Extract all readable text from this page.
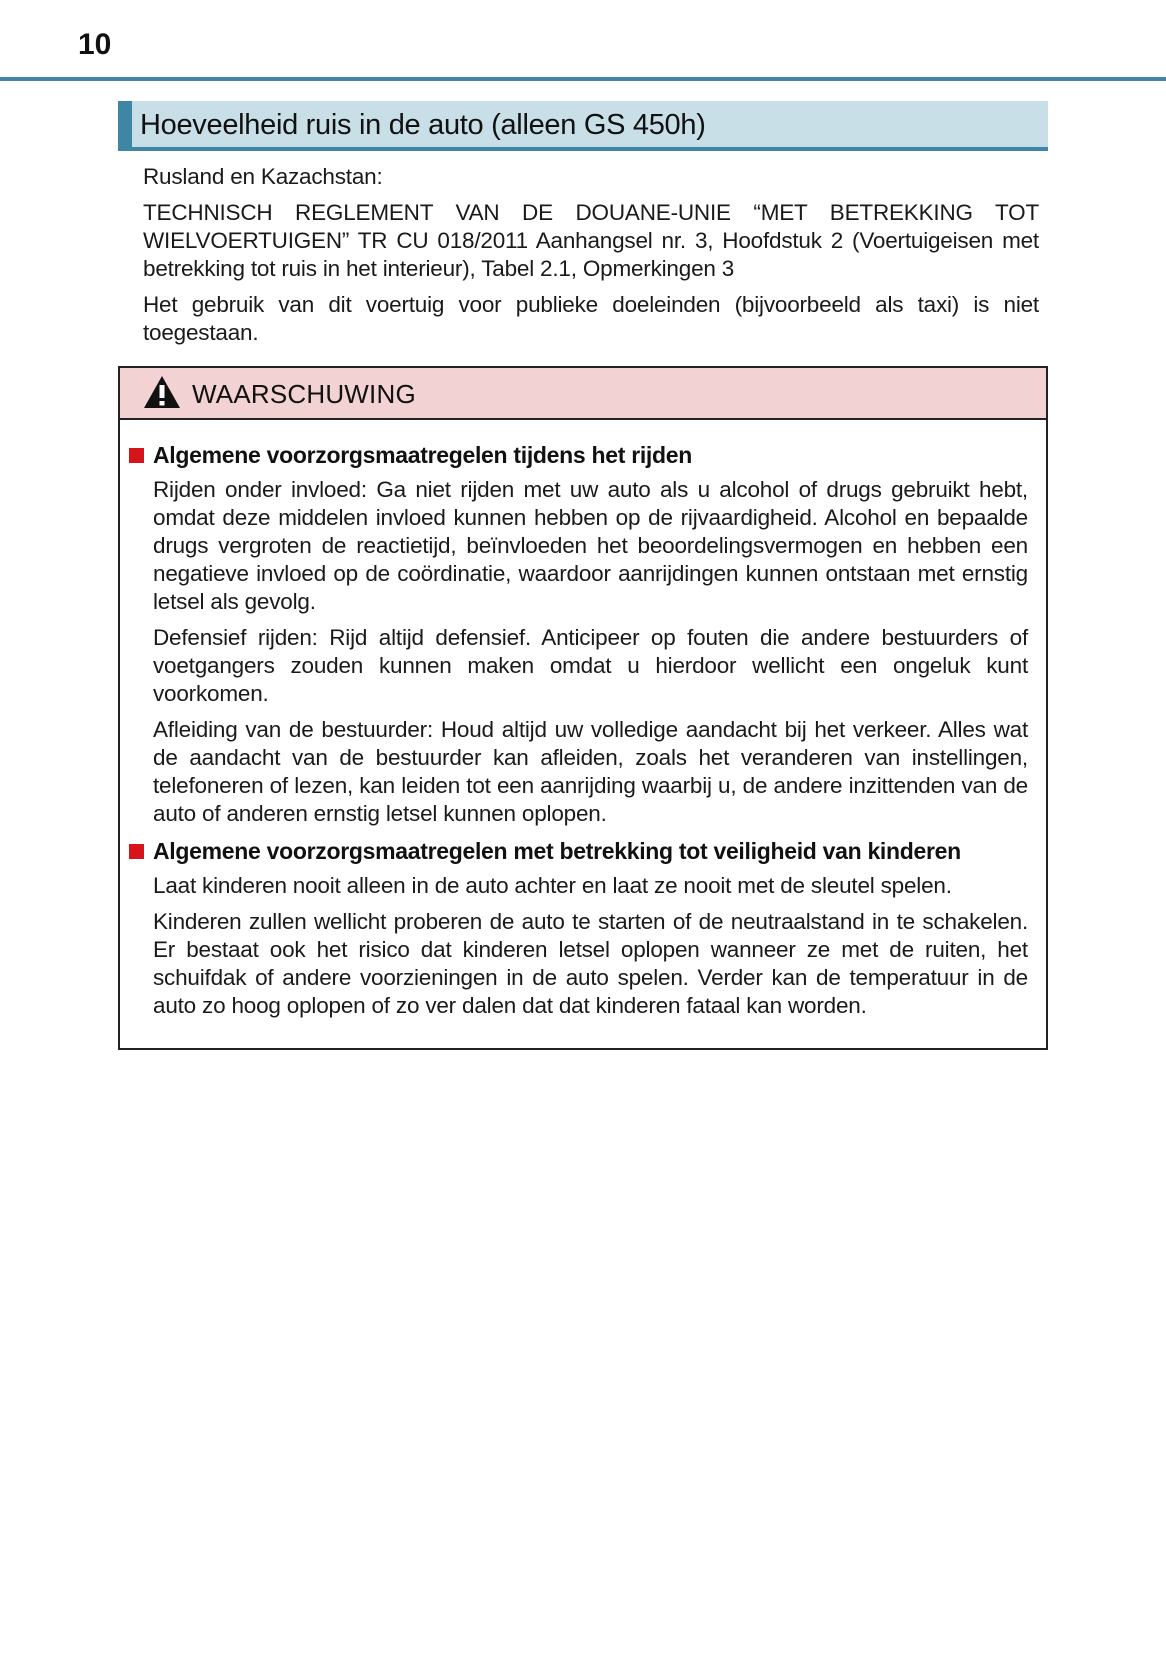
10
Hoeveelheid ruis in de auto (alleen GS 450h)

Rusland en Kazachstan:

TECHNISCH REGLEMENT VAN DE DOUANE-UNIE “MET BETREKKING TOT WIELVOERTUIGEN” TR CU 018/2011 Aanhangsel nr. 3, Hoofdstuk 2 (Voertuigeisen met betrekking tot ruis in het interieur), Tabel 2.1, Opmerkingen 3

Het gebruik van dit voertuig voor publieke doeleinden (bijvoorbeeld als taxi) is niet toegestaan.

WAARSCHUWING
Algemene voorzorgsmaatregelen tijdens het rijden

Rijden onder invloed: Ga niet rijden met uw auto als u alcohol of drugs gebruikt hebt, omdat deze middelen invloed kunnen hebben op de rijvaardigheid. Alcohol en bepaalde drugs vergroten de reactietijd, beïnvloeden het beoordelingsvermogen en hebben een negatieve invloed op de coördinatie, waardoor aanrijdingen kunnen ontstaan met ernstig letsel als gevolg.

Defensief rijden: Rijd altijd defensief. Anticipeer op fouten die andere bestuurders of voetgangers zouden kunnen maken omdat u hierdoor wellicht een ongeluk kunt voorkomen.

Afleiding van de bestuurder: Houd altijd uw volledige aandacht bij het verkeer. Alles wat de aandacht van de bestuurder kan afleiden, zoals het veranderen van instellingen, telefoneren of lezen, kan leiden tot een aanrijding waarbij u, de andere inzittenden van de auto of anderen ernstig letsel kunnen oplopen.

Algemene voorzorgsmaatregelen met betrekking tot veiligheid van kinderen

Laat kinderen nooit alleen in de auto achter en laat ze nooit met de sleutel spelen.

Kinderen zullen wellicht proberen de auto te starten of de neutraalstand in te schakelen. Er bestaat ook het risico dat kinderen letsel oplopen wanneer ze met de ruiten, het schuifdak of andere voorzieningen in de auto spelen. Verder kan de temperatuur in de auto zo hoog oplopen of zo ver dalen dat dat kinderen fataal kan worden.
